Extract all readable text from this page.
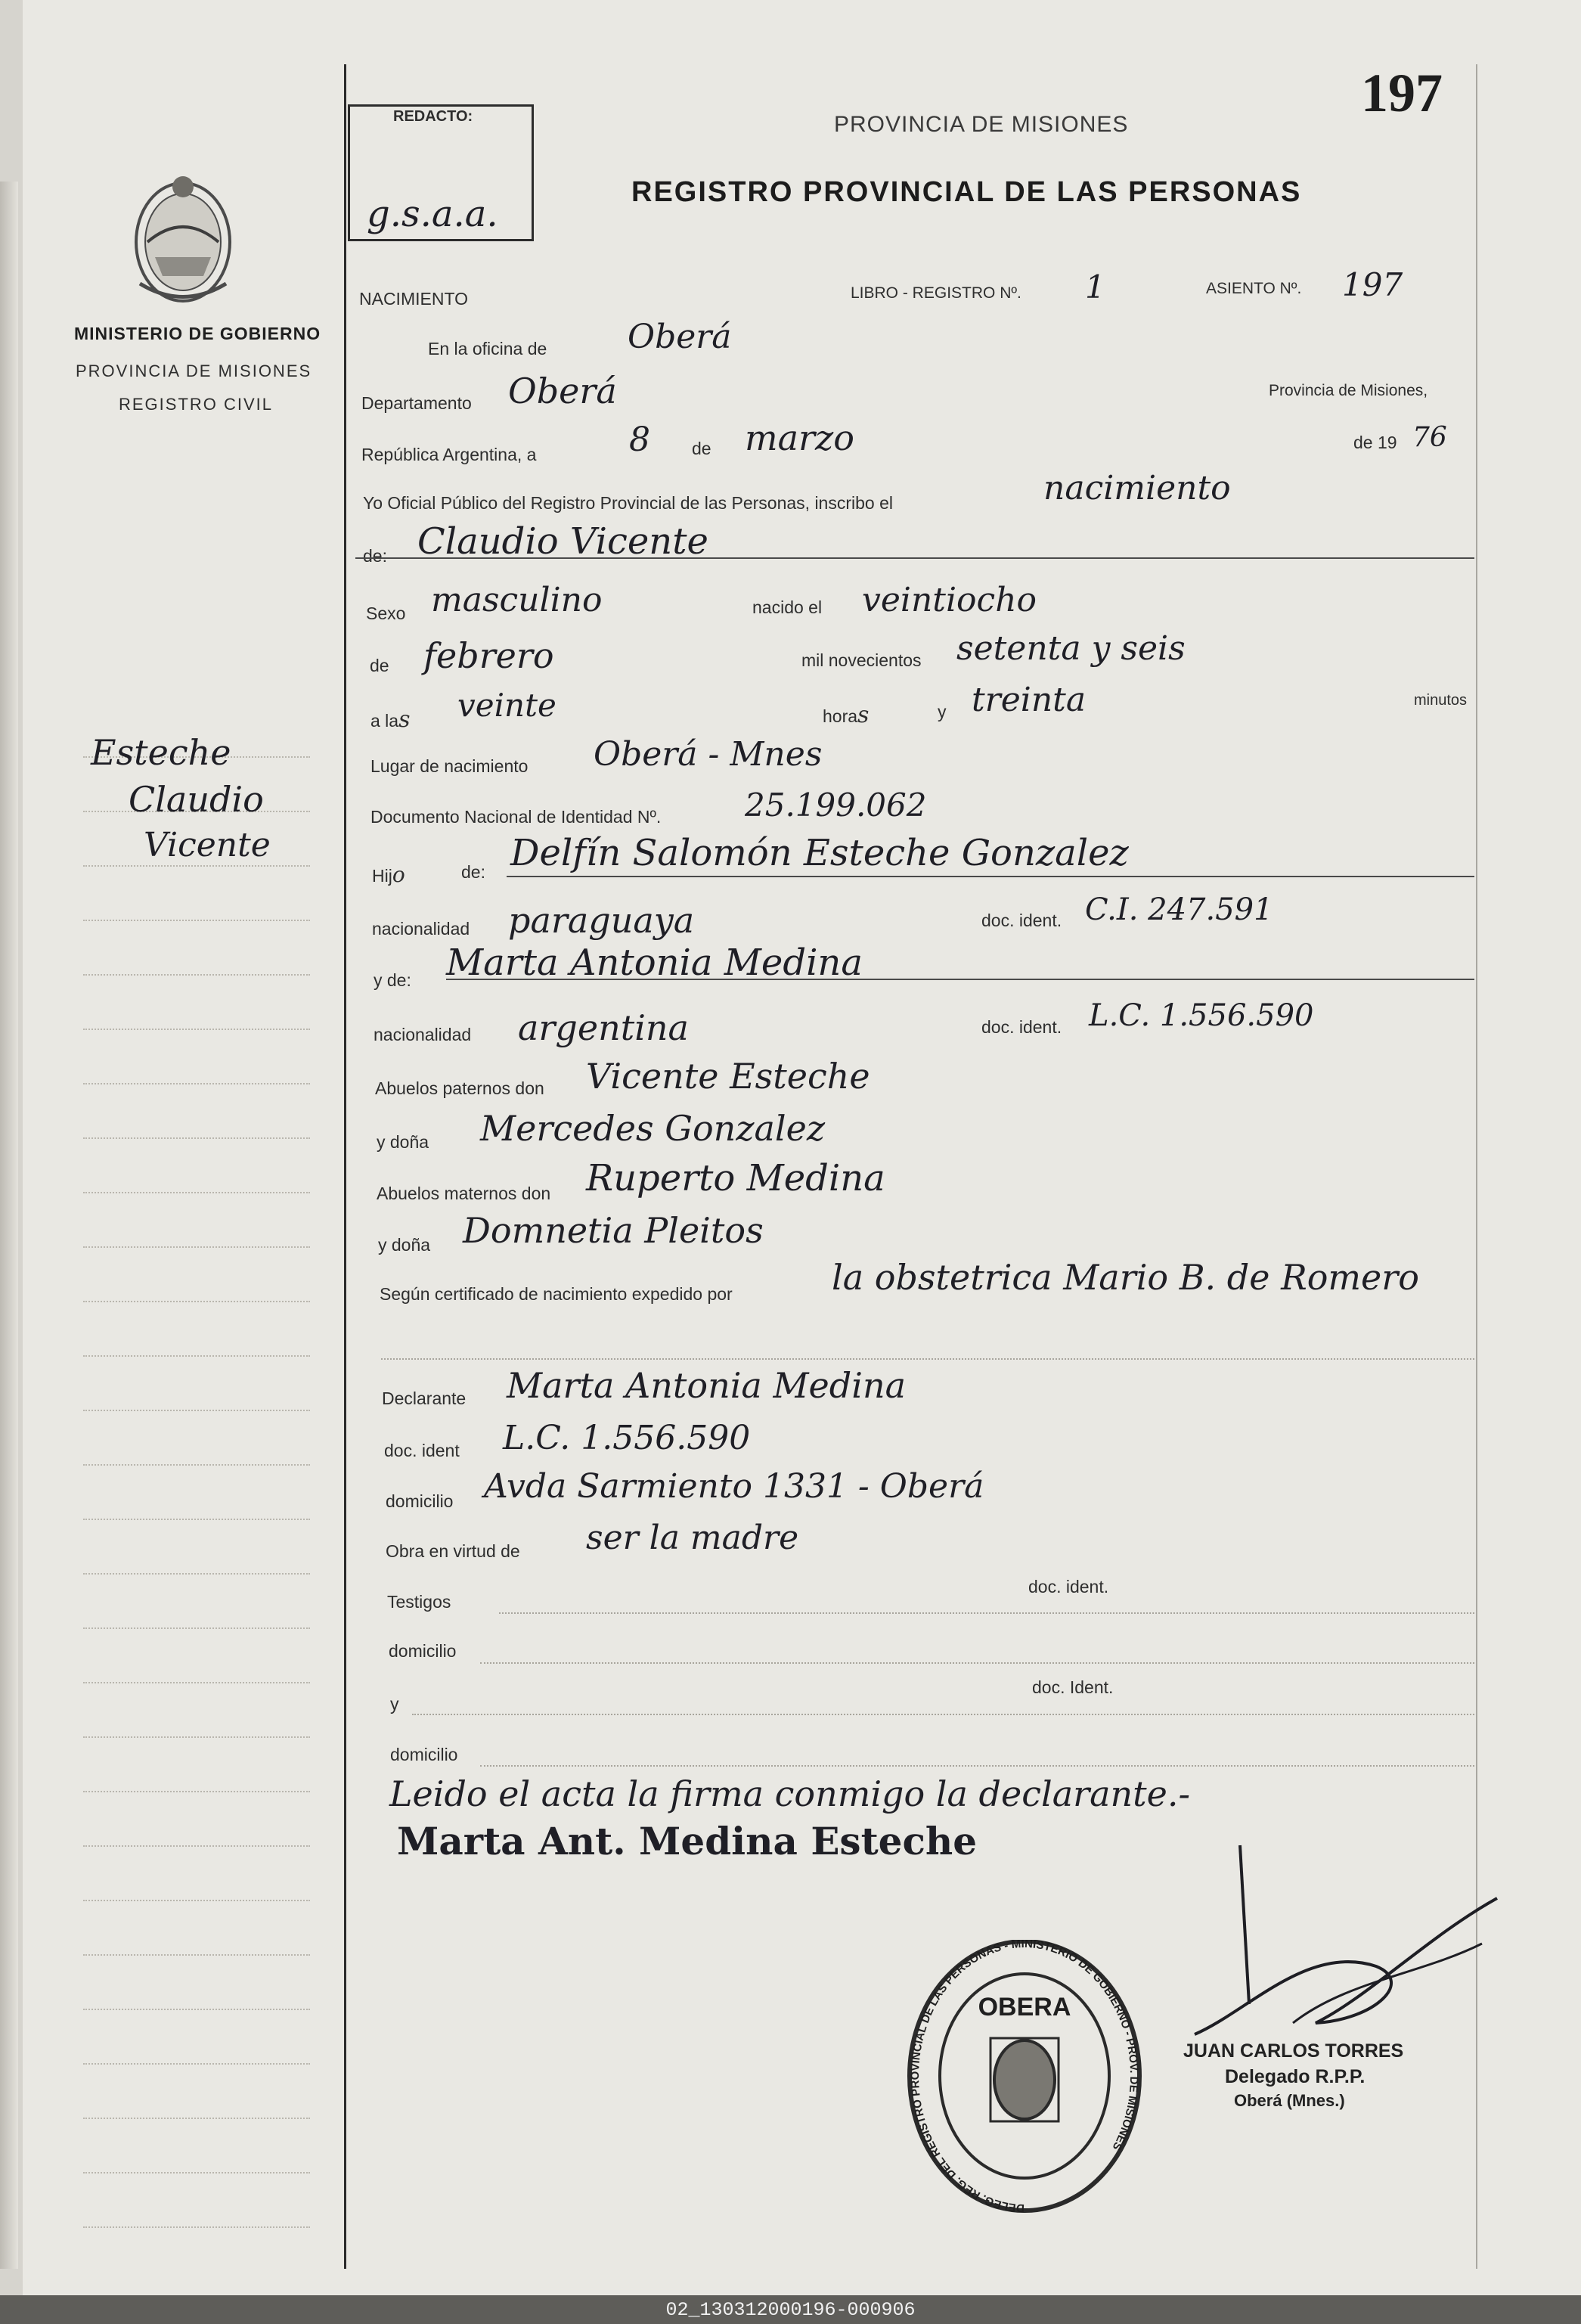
197
MINISTERIO DE GOBIERNO
PROVINCIA DE MISIONES
REGISTRO CIVIL
Esteche
Claudio
Vicente
REDACTO:
g.s.a.a.
PROVINCIA DE MISIONES
REGISTRO PROVINCIAL DE LAS PERSONAS
NACIMIENTO	LIBRO - REGISTRO Nº. 1	ASIENTO Nº. 197
En la oficina de Oberá
Departamento Oberá	Provincia de Misiones,
República Argentina, a	8 de marzo	de 19 76
Yo Oficial Público del Registro Provincial de las Personas, inscribo el	nacimiento
de: Claudio Vicente
Sexo masculino	nacido el veintiocho
de febrero	mil novecientos setenta y seis
a las veinte	horas	y treinta	minutos
Lugar de nacimiento Oberá - Mnes
Documento Nacional de Identidad Nº.	25.199.062
Hijo	de: Delfín Salomón Esteche Gonzalez
nacionalidad paraguaya	doc. ident. C.I. 247.591
y de: Marta Antonia Medina
nacionalidad argentina	doc. ident. L.C. 1.556.590
Abuelos paternos don Vicente Esteche
y doña Mercedes Gonzalez
Abuelos maternos don Ruperto Medina
y doña Domnetia Pleitos
Según certificado de nacimiento expedido por	la obstetrica Mario B. de Romero
Declarante Marta Antonia Medina
doc. ident L.C. 1.556.590
domicilio Avda Sarmiento 1331 - Oberá
Obra en virtud de ser la madre
Testigos
doc. ident.
domicilio
y
doc. Ident.
domicilio
Leido el acta la firma conmigo la declarante.-
Marta Ant. Medina Esteche
DELEG. REG. DEL REGISTRO PROVINCIAL DE LAS PERSONAS - MINISTERIO DE GOBIERNO - PROV. DE MISIONES
OBERA
JUAN CARLOS TORRES
Delegado R.P.P.
Oberá (Mnes.)
02_130312000196-000906
